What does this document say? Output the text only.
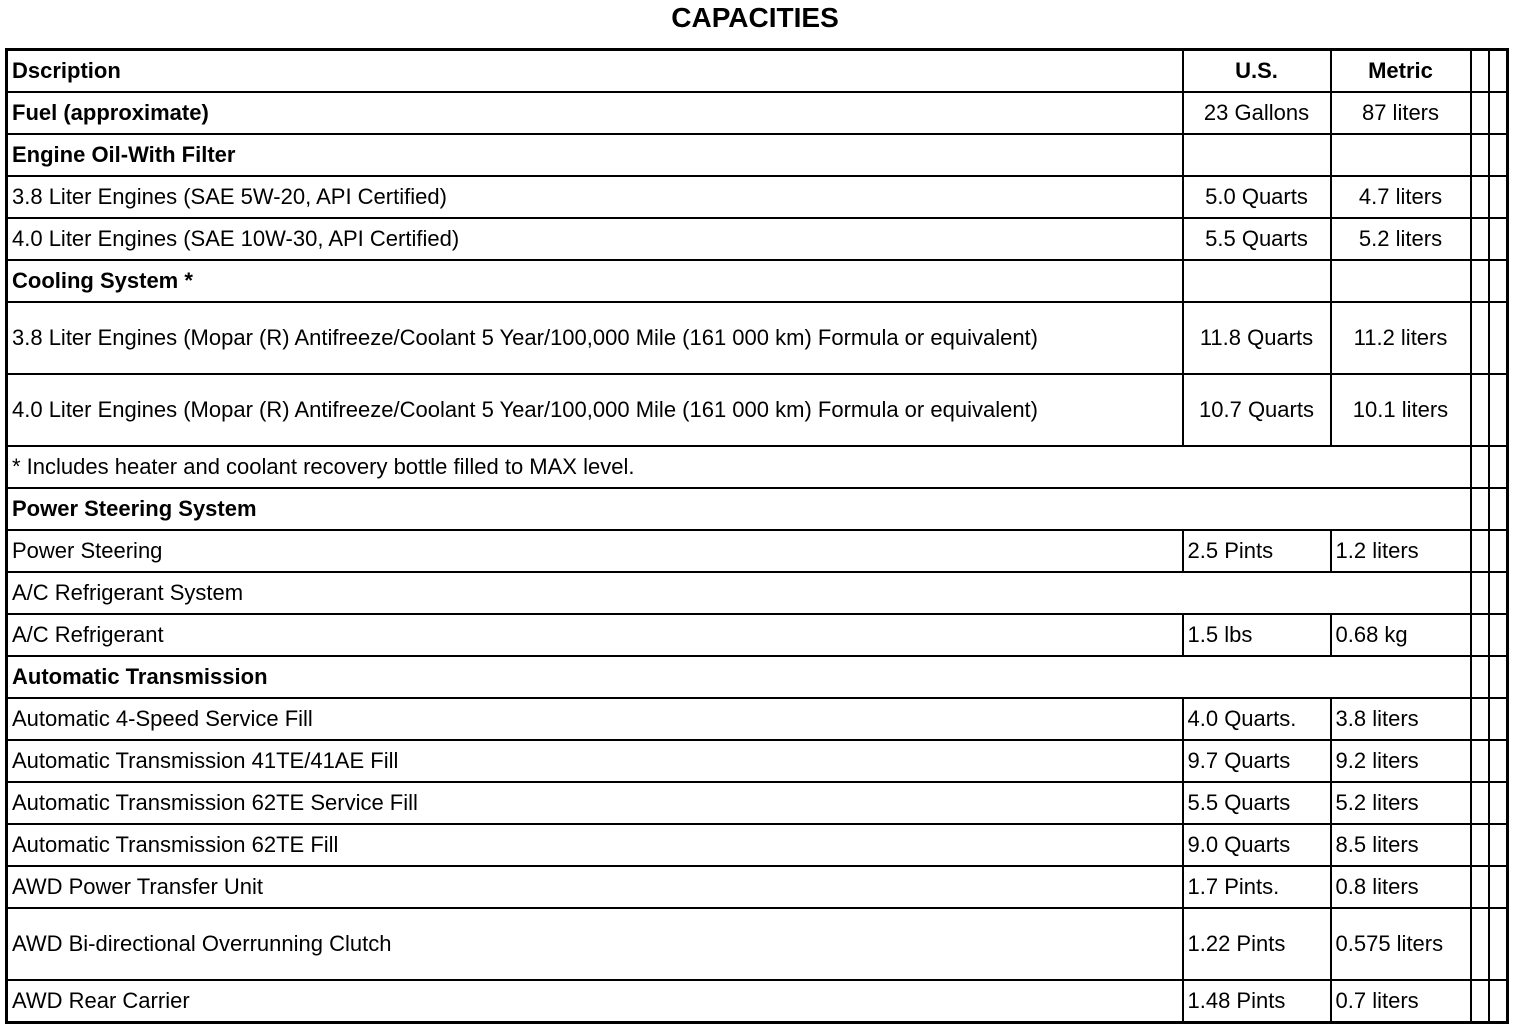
CAPACITIES
Dscription	U.S.	Metric		
Fuel (approximate)	23 Gallons	87 liters		
Engine Oil-With Filter				
3.8 Liter Engines (SAE 5W-20, API Certified)	5.0 Quarts	4.7 liters		
4.0 Liter Engines (SAE 10W-30, API Certified)	5.5 Quarts	5.2 liters		
Cooling System *				
3.8 Liter Engines (Mopar (R) Antifreeze/Coolant 5 Year/100,000 Mile (161 000 km) Formula or equivalent)	11.8 Quarts	11.2 liters		
4.0 Liter Engines (Mopar (R) Antifreeze/Coolant 5 Year/100,000 Mile (161 000 km) Formula or equivalent)	10.7 Quarts	10.1 liters		
* Includes heater and coolant recovery bottle filled to MAX level.				
Power Steering System				
Power Steering	2.5 Pints	1.2 liters		
A/C Refrigerant System				
A/C Refrigerant	1.5 lbs	0.68 kg		
Automatic Transmission				
Automatic 4-Speed Service Fill	4.0 Quarts.	3.8 liters		
Automatic Transmission 41TE/41AE Fill	9.7 Quarts	9.2 liters		
Automatic Transmission 62TE Service Fill	5.5 Quarts	5.2 liters		
Automatic Transmission 62TE Fill	9.0 Quarts	8.5 liters		
AWD Power Transfer Unit	1.7 Pints.	0.8 liters		
AWD Bi-directional Overrunning Clutch	1.22 Pints	0.575 liters		
AWD Rear Carrier	1.48 Pints	0.7 liters		
